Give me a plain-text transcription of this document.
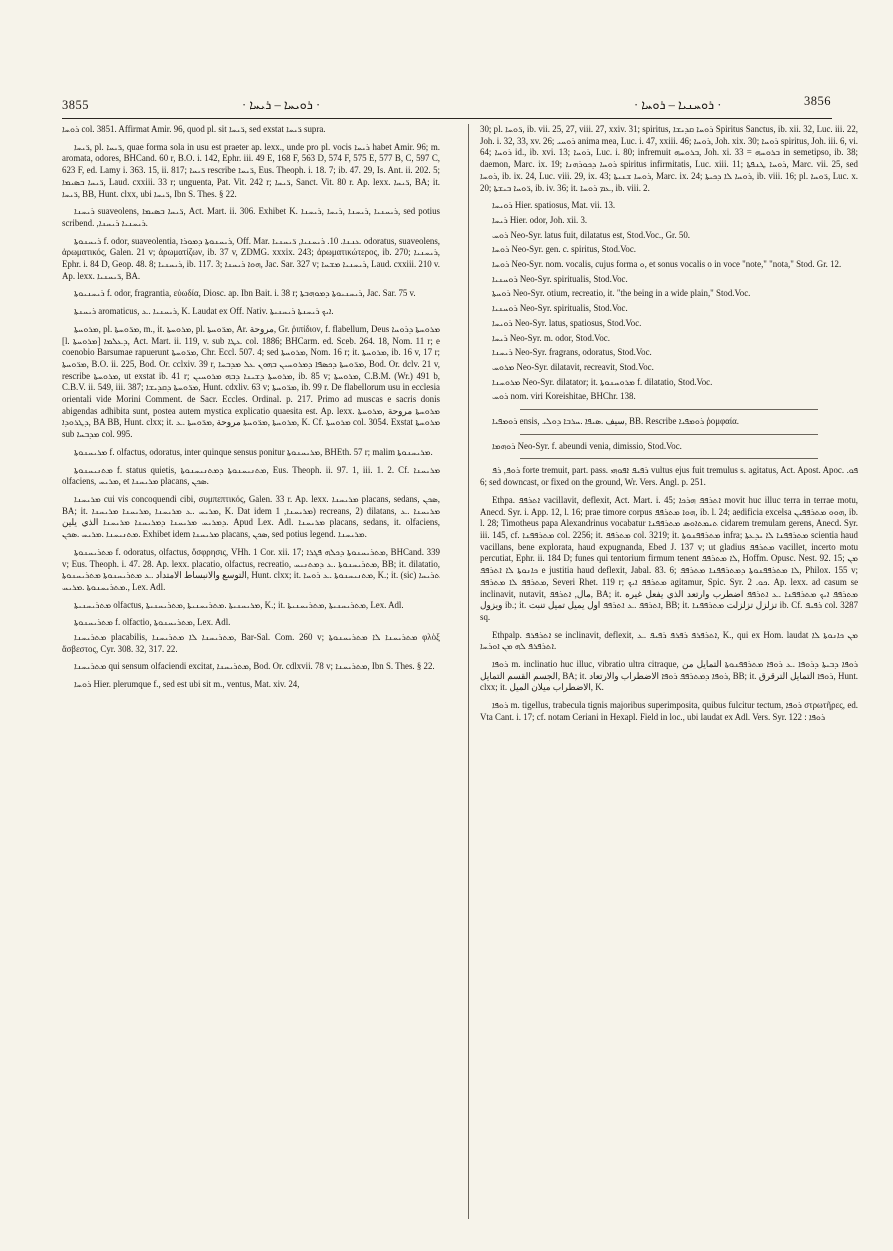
3855	· ܪܘܝܚܐ – ܪܝܚܐ ·	· ܪܘܚܢܝܐ – ܪܘܚܐ ·	3856

ܪܘܚܐ col. 3851. Affirmat Amir. 96, quod pl. sit ܪ̈ܝܚܐ, sed exstat ܪ̈ܝܚܐ supra.

ܪ̈ܝܚܐ, pl. ܪ̈ܝܚܐ, quae forma sola in usu est praeter ap. lexx., unde pro pl. vocis ܪܝܚܐ habet Amir. 96; m. aromata, odores, BHCand. 60 r, B.O. i. 142, Ephr. iii. 49 E, 168 F, 563 D, 574 F, 575 E, 577 B, C, 597 C, 623 F, ed. Lamy i. 363. 15, ii. 817; ܪ̈ܝܚܐ rescribe ܪ̈ܝܚܐ, Eus. Theoph. i. 18. 7; ib. 47. 29, Is. Ant. ii. 202. 5; ܪ̈ܝܚܐ ܒܣܝܡܐ, Laud. cxxiii. 33 r; unguenta, Pat. Vit. 242 r; ܪ̈ܝܚܐ, Sanct. Vit. 80 r. Ap. lexx. ܪ̈ܝܚܐ, BA; it. ܪ̈ܝܚܐ, BB, Hunt. clxx, ubi ܪ̈ܝܚܐ, Ibn S. Thes. § 22.

ܪܝܚܢܐ suaveolens, ܪ̈ܝܚܐ ܒܣܝܡܐ, Act. Mart. ii. 306. Exhibet K. ܪܝܚܢܝܐ ,ܪܝܚܢܐ ,ܪܝܚܐ ,ܪܝܚܢܐ, sed potius scribend. ,ܪܝܚܢܝܐ ܪܝܚܢܐ.

ܪܝܚܢܘܬܐ f. odor, suaveolentia, ܪܝܚܢܘܬܐ ܕܡܘܪܐ, Off. Mar. ܥܢܢܐ. 10. ܪܝܚܢܝܐ, ܪ̈ܝܚܢܝܐ odoratus, suaveolens, ἀρωματικός, Galen. 21 v; ἀρωματίζων, ib. 37 v, ZDMG. xxxix. 243; ἀρωματικώτερος, ib. 270; ܪܝܚܢܝܐ, Ephr. i. 84 D, Geop. 48. 8; ܪܝܚܢܝܐ, ib. 117. 3; ܗܘܐ ܪܝܚܢܐ, Jac. Sar. 327 v; ܪܝܚܢܝܐ ܡܫܚܐ, Laud. cxxiii. 210 v. Ap. lexx. ܪ̈ܝܚܢܝܐ, BA.

ܪܝܚܢܝܘܬܐ f. odor, fragrantia, εὐωδία, Diosc. ap. Ibn Bait. i. 38 r; ܪܝܚܢܝܘܬܐ ܕܡܘܗܒܬܐ, Jac. Sar. 75 v.

ܪܝܚܢܬܐ aromaticus, ܪܝܚܢܝܐ .ܥ, K. Laudat ex Off. Nativ. ܐܝܟ ܪܝܚܢܬܐ ܪܝܚܢܝܬܐ.

ܡܪܘܚܬܐ, pl. ܡܪ̈ܘܚܬܐ, m., it. ܡܪܘܚܬܐ, pl. ܡܪ̈ܘܚܬܐ, Ar. مروحة, Gr. ῥιπίδιον, f. flabellum, Deus ܡܪܘܚܬܐ ܕܪܘܚܐ [l. ܡܪܘܚܬܐ] ܕܥܠܡܐ, Act. Mart. ii. 119, v. sub ܥܛܐ col. 1886; BHCarm. ed. Sceb. 264. 18, Nom. 11 r; e coenobio Barsumae rapuerunt ܡܪ̈ܘܚܬܐ, Chr. Eccl. 507. 4; sed ܡܪܘܚܬܐ, Nom. 16 r; it. ܡܪܘܚܬܐ, ib. 16 v, 17 r; ܡܪ̈ܘܚܬܐ, B.O. ii. 225, Bod. Or. cclxiv. 39 r, ܡܪ̈ܘܚܬܐ ܕܟܣܦܐ ܕܡܪܘܚܝܢ ܒܗܘܢ ܥܠ ܡܕܒܚܐ, Bod. Or. dclv. 21 v, rescribe ܡܪܘܚܬܐ, ut exstat ib. 41 r; ܡܪܘܚܬܐ ܕܫܝܢܐ ܕܒܗ ܡܪܘܚܝܢ, ib. 85 v; ܡܪܘܚܬܐ, C.B.M. (Wr.) 491 b, C.B.V. ii. 549, iii. 387; ܡܪ̈ܘܚܬܐ ܕܩܕܝܫܐ, Hunt. cdxliv. 63 v; ܡܪ̈ܘܚܬܐ, ib. 99 r. De flabellorum usu in ecclesia orientali vide Morini Comment. de Sacr. Eccles. Ordinal. p. 217. Primo ad muscas e sacris donis abigendas adhibita sunt, postea autem mystica explicatio quaesita est. Ap. lexx. ܡܪܘܚܬܐ مروحة ,ܡܪܘܚܬܐ ܕܛܪܘܕܐ, BA BB, Hunt. clxx; it. ܡܪܘܚܬܐ ,ܡܪ̈ܘܚܬܐ مروحة ,ܡܪ̈ܘܚܬܐ .ܥ, K. Cf. ܡܪܘܚܬܐ col. 3054. Exstat ܡܪܘܚܬܐ sub ܡܕܒܚܐ col. 995.

ܡܪܝܚܢܘܬܐ f. olfactus, odoratus, inter quinque sensus ponitur ܡܪܝܚܢܘܬܐ, BHEth. 57 r; malim ܡܪܝܚܢܘܬܐ.

ܡܬܢܝܚܢܘܬܐ f. status quietis, ܡܬܢܝܚܢܘܬܐ ܕܡܬܢܝܚܢܘܬܐ, Eus. Theoph. ii. 97. 1, iii. 1. 2. Cf. ܡܪܝܚܢܐ olfaciens, ܡܪܝܚ, et ܡܪܝܚܢܐ placans, ܣܟܢ.

ܡܪܝܚܢܐ cui vis concoquendi cibi, συμπεπτικός, Galen. 33 r. Ap. lexx. ܡܪܝܚܢܐ placans, sedans, ܣܟܢ, BA; it. ܡܪܝܚ .ܥ ܡܪܝܚܢܐ ,ܡܪܝܚܢܐ ܡܪܝܚܢܐ, K. Dat idem ܡܪܝܚܢܐ, 1) recreans, 2) dilatans, ܡܪܝܚܢܐ .ܥ ܕܡܪܝܚ ܡܪܝܚܢܐ ܕܡܪܝܚܢܐ ܡܪܝܚܢܐ الذي يلين. Apud Lex. Adl. ܡܪܝܚܢܐ placans, sedans, it. olfaciens, ܡܬܢܝܚܢܐ .ܡܪܝܚ .ܣܟܢ. Exhibet idem ܡܪܝܚܢܐ placans, ܣܟܢ, sed potius legend. ܡܪܝܚܢܐ.

ܡܬܪܝܚܢܘܬܐ f. odoratus, olfactus, ὄσφρησις, VHh. 1 Cor. xii. 17; ܡܬܪܝܚܢܘܬܐ ܕܟܠܗ ܦܓܪܐ, BHCand. 339 v; Eus. Theoph. i. 47. 28. Ap. lexx. placatio, olfactus, recreatio, ܡܬܪܝܚܢܘܬܐ .ܥ ܕܡܬܢܝܚ, BB; it. dilatatio, التوسع والانبساط الامتداد .ܥ ܡܬܪܝܚܢܘܬܐ ܡܬܪܝܚܢܘܬܐ, Hunt. clxx; it. ܡܬܢܝܚܢܘܬܐ .ܥ ܪܘܚܐ, K.; it. (sic) ܬܪܝܚܐ .ܡܬܪܝܚܢܘܬܐ .ܡܪܝܚ, Lex. Adl.

ܡܬܪܝܚܢܝܬܐ olfactus, ܡܪܝܚܢܝܬܐ .ܡܬܪܝܚܢܝܬܐ ,ܡܬܪܝܚܢܝܬܐ, K.; it. ܡܬܪܝܚܢܝܬܐ ,ܡܬܪܝܚܢܝܬܐ, Lex. Adl.

ܡܬܪܝܚܢܘܬܐ f. olfactio, ܡܬܪܝܚܢܘܬܐ, Lex. Adl.

ܡܬܪܝܚܢܐ placabilis, ܡܬܪܝܚܢܐ ܠܐ ܡܬܪܝܚܢܐ, Bar-Sal. Com. 260 v; ܡܬܪܝܚܢܐ ܠܐ ܡܬܪܝܚܢܘܬܐ φλὸξ ἄσβεστος, Cyr. 308. 32, 317. 22.

ܡܬܪܝܚܢܐ qui sensum olfaciendi excitat, ܡܬܪܝܚܢܐ, Bod. Or. cdlxvii. 78 v; ܡܬܪܝܚܢܐ, Ibn S. Thes. § 22.

ܪܘܚܐ Hier. plerumque f., sed est ubi sit m., ventus, Mat. xiv. 24,

30; pl. ܪ̈ܘܚܐ, ib. vii. 25, 27, viii. 27, xxiv. 31; spiritus, ܪܘܚܐ ܩܕܝܫܐ Spiritus Sanctus, ib. xii. 32, Luc. iii. 22, Joh. i. 32, 33, xv. 26; ܪܘܚܝ anima mea, Luc. i. 47, xxiii. 46; ܪܘܚܐ, Joh. xix. 30; ܪܘܚܐ spiritus, Joh. iii. 6, vi. 64; ܪܘܚܐ id., ib. xvi. 13; ܪܘܚܐ, Luc. i. 80; infremuit ܒܪܘܚܗ, Joh. xi. 33 = ܒܪܘܚܗ in semetipso, ib. 38; daemon, Marc. ix. 19; ܪܘܚܐ ܕܟܘܪܗܢܐ spiritus infirmitatis, Luc. xiii. 11; ܪܘܚܐ ܛܢܦܬܐ, Marc. vii. 25, sed ܪܘܚܐ, ib. ix. 24, Luc. viii. 29, ix. 43; ܪܘܚܐ ܫܢܝܬܐ, Marc. ix. 24; ܪܘܚܐ ܠܐ ܕܟܝܬܐ, ib. viii. 16; pl. ܪ̈ܘܚܐ, Luc. x. 20; ܪ̈ܘܚܐ ܒܝܫܬܐ, ib. iv. 36; it. ܥܡ ܪܘܚܐ, ib. viii. 2.

ܪܘܝܚܐ Hier. spatiosus, Mat. vii. 13.

ܪܝܚܐ Hier. odor, Joh. xii. 3.

ܪܘܚ Neo-Syr. latus fuit, dilatatus est, Stod.Voc., Gr. 50.

ܪܘܚܐ Neo-Syr. gen. c. spiritus, Stod.Voc.

ܪܘܚܐ Neo-Syr. nom. vocalis, cujus forma ܘ, et sonus vocalis o in voce "note," "nota," Stod. Gr. 12.

ܪܘܚܢܝܐ Neo-Syr. spiritualis, Stod.Voc.

ܪܘܚܬܐ Neo-Syr. otium, recreatio, it. "the being in a wide plain," Stod.Voc.

ܪܘܚܢܝܐ Neo-Syr. spiritualis, Stod.Voc.

ܪܘܝܚܐ Neo-Syr. latus, spatiosus, Stod.Voc.

ܪܝܚܐ Neo-Syr. m. odor, Stod.Voc.

ܪܝܚܢܐ Neo-Syr. fragrans, odoratus, Stod.Voc.

ܡܪܘܚ Neo-Syr. dilatavit, recreavit, Stod.Voc.

ܡܪܘܚܢܐ Neo-Syr. dilatator; it. ܡܪܘܚܢܘܬܐ f. dilatatio, Stod.Voc.

ܪܘܚ nom. viri Koreishitae, BHChr. 138.

ܪܘܡܦܝܐ ensis, سيف .ܣܝܦܐ .ܚܪܒܐ ܕܘܠܝ, BB. Rescribe ܪܘܡܦܝܐ ῥομφαία.

ܪܘܗܡܐ Neo-Syr. f. abeundi venia, dimissio, Stod.Voc.

ܪܘܦ, ܪܦ forte tremuit, part. pass. ܪܦܝܦ ܐܦܘܗܝ vultus ejus fuit tremulus s. agitatus, Act. Apost. Apoc. ܦܘ. 6; sed downcast, or fixed on the ground, Wr. Vers. Angl. p. 251.

Ethpa. ܐܬܪܦܦ vacillavit, deflexit, Act. Mart. i. 45; ܐܬܪܦܦ ܗܪܟܐ movit huc illuc terra in terrae motu, Anecd. Syr. i. App. 12, l. 16; prae timore corpus ܗܘܐ ܡܬܪܦܦ, ib. l. 24; aedificia excelsa ܗܘܘ ܡܬܪܦܦܝܢ, ib. l. 28; Timotheus papa Alexandrinus vocabatur ܬܝܡܬܐܘܣ ܡܬܪܦܦܢܐ cidarem tremulam gerens, Anecd. Syr. iii. 145, cf. ܡܬܪܦܦܢܐ col. 2256; it. ܡܬܪܦܦ col. 3219; it. ܡܬܪܦܦܢܘܬܐ infra; ܡܬܪܦܦܢܐ ܠܐ ܝܕܥܬܐ scientia haud vacillans, bene explorata, haud expugnanda, Ebed J. 137 v; ut gladius ܡܬܪܦܦ vacillet, incerto motu percutiat, Ephr. ii. 184 D; funes qui tentorium firmum tenent ܠܐ ܡܬܪܦܦ, Hoffm. Opusc. Nest. 92. 15; ܡܢ ܟܐܢܘܬܐ ܠܐ ܐܬܪܦܦ e justitia haud deflexit, Jabal. 83. 6; ܠܐ ܡܬܪܦܦܢܘܬܐ ܕܡܬܪܦܦܢܐ ܡܬܪܦܦ, Philox. 155 v; ܡܬܪܦܦ ܠܐ ܡܬܪܦܦ, Severi Rhet. 119 r; ܡܬܪܦܦ ܐܝܟ agitamur, Spic. Syr. ܟܘ. 2. Ap. lexx. ad casum se inclinavit, nutavit, مال, ܐܬܪܦܦ, BA; it. ܡܬܪܦܦ ܐܝܟ ܡܬܪܦܦܢܐ .ܥ ܐܬܪܦܦ اضطرب وارتعد الذي يفعل غيره ويزول ib.; it. ܐܬܪܦܦ .ܥ ܐܬܪܦܦ اول يميل تميل تنبت, BB; it. تزلزل تزلزلت ܡܬܪܦܦܢܐ ib. Cf. ܪܦܝܦ col. 3287 sq.

Ethpalp. ܐܬܪܦܪܦ se inclinavit, deflexit, ܐܬܪܦܪܦ ܪܦܪܦ ܪܦܝܦ .ܥ, K., qui ex Hom. laudat ܡܢ ܟܐܢܘܬܐ ܠܐ ܐܬܪܦܪܦ ܠܗ ܡܢ ܐܘܪܚܐ.

ܪܘܦܐ m. inclinatio huc illuc, vibratio ultra citraque, ܪܘܦܐ ܕܒܝܬܐ ܕܪܘܦܐ .ܥ ܪܘܦܐ ܡܬܪܦܦܢܘܬܐ التمايل من الجسم القسم التمايل, BA; it. ܪܘܦܐ ܕܡܬܪܦܦ ܪܘܦܐ الاضطراب والارتعاد, BB; it. ܪܘܦܐ التمايل الترقرق, Hunt. clxx; it. الاضطراب ميلان الميل, K.

ܪܘܦܐ m. tigellus, trabecula tignis majoribus superimposita, quibus fulcitur tectum, ܪܘܦܐ στρωτῆρες, ed. Vta Cant. i. 17; cf. notam Ceriani in Hexapl. Field in loc., ubi laudat ex Adl. Vers. Syr. 122 : ܪܘܦܐ
